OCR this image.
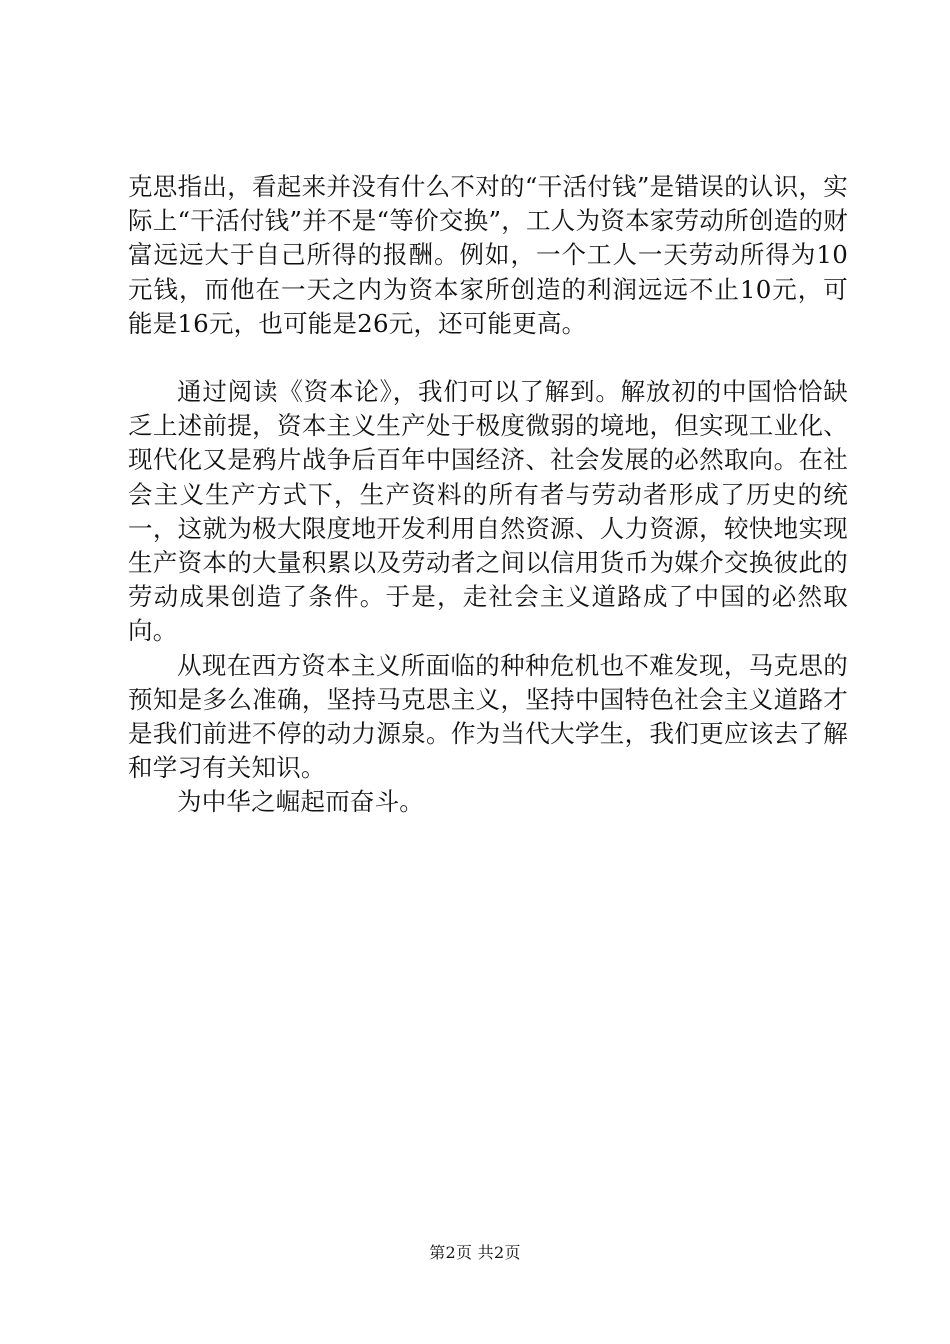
克思指出，看起来并没有什么不对的“干活付钱”是错误的认识，实际上“干活付钱”并不是“等价交换”，工人为资本家劳动所创造的财富远远大于自己所得的报酬。例如，一个工人一天劳动所得为10元钱，而他在一天之内为资本家所创造的利润远远不止10元，可能是16元，也可能是26元，还可能更高。

通过阅读《资本论》，我们可以了解到。解放初的中国恰恰缺乏上述前提，资本主义生产处于极度微弱的境地，但实现工业化、现代化又是鸦片战争后百年中国经济、社会发展的必然取向。在社会主义生产方式下，生产资料的所有者与劳动者形成了历史的统一，这就为极大限度地开发利用自然资源、人力资源，较快地实现生产资本的大量积累以及劳动者之间以信用货币为媒介交换彼此的劳动成果创造了条件。于是，走社会主义道路成了中国的必然取向。

从现在西方资本主义所面临的种种危机也不难发现，马克思的预知是多么准确，坚持马克思主义，坚持中国特色社会主义道路才是我们前进不停的动力源泉。作为当代大学生，我们更应该去了解和学习有关知识。

为中华之崛起而奋斗。

第2页 共2页
